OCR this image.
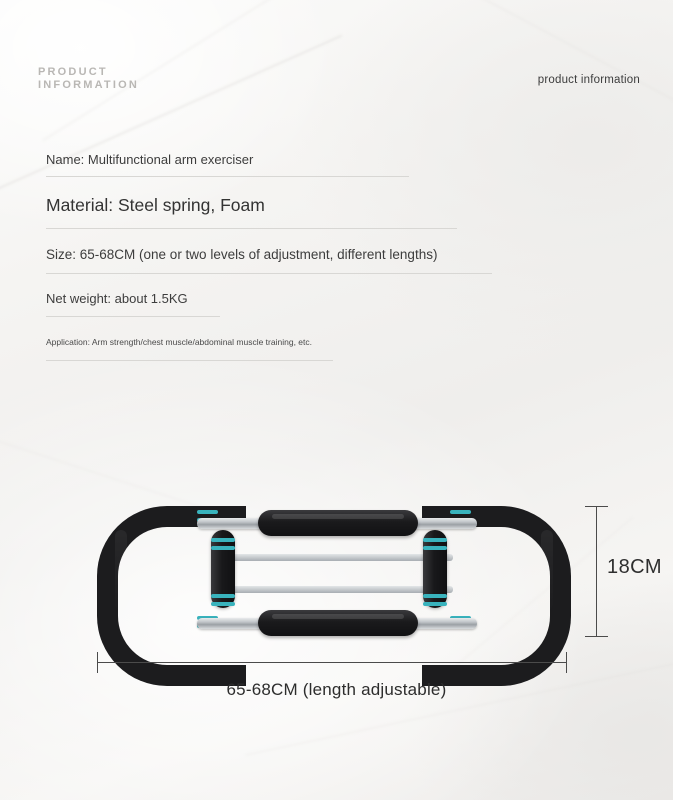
PRODUCT
INFORMATION	product information
Name: Multifunctional arm exerciser
Material: Steel spring, Foam
Size: 65-68CM (one or two levels of adjustment, different lengths)
Net weight: about 1.5KG
Application: Arm strength/chest muscle/abdominal muscle training, etc.
18CM
65-68CM (length adjustable)
